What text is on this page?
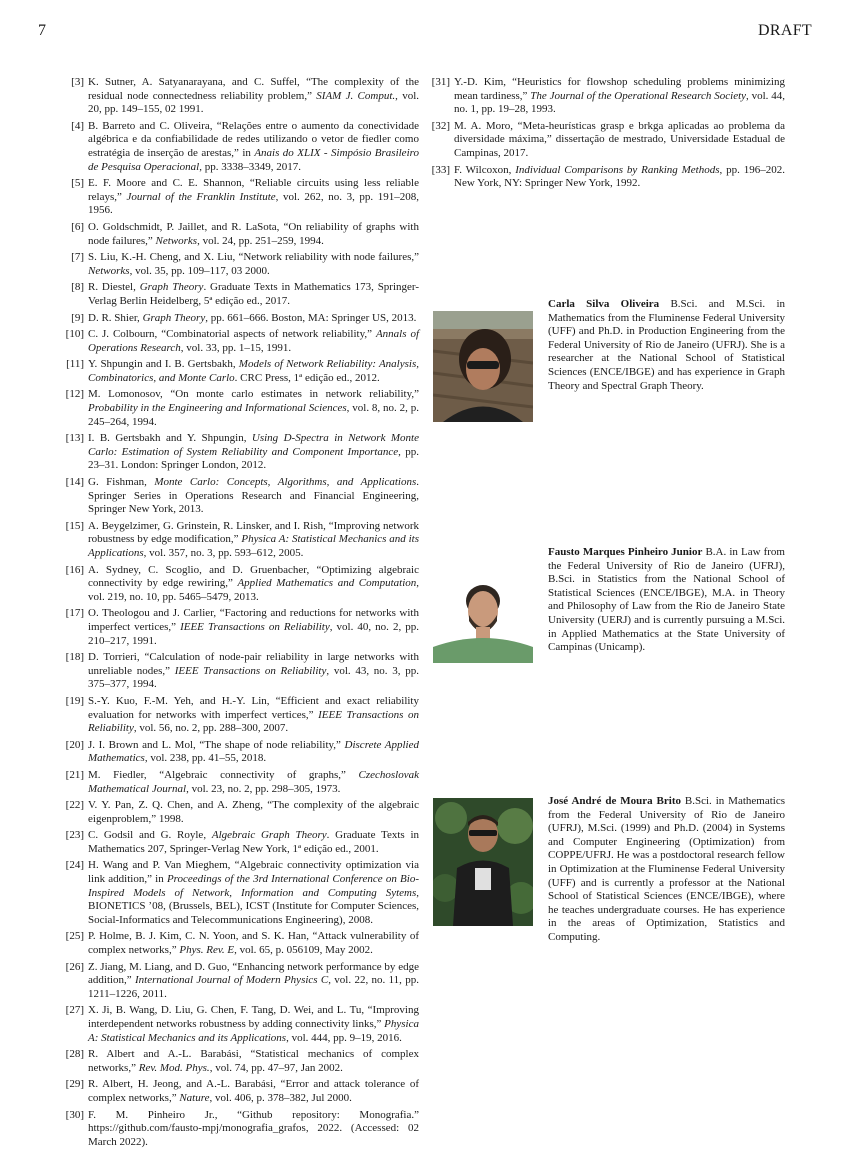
7	DRAFT
[ 3 ] K. Sutner, A. Satyanarayana, and C. Suffel, “The complexity of the residual node connectedness reliability problem,” SIAM J. Comput., vol. 20, pp. 149–155, 02 1991.
[ 4 ] B. Barreto and C. Oliveira, “Relações entre o aumento da conectividade algébrica e da confiabilidade de redes utilizando o vetor de fiedler como estratégia de inserção de arestas,” in Anais do XLIX - Simpósio Brasileiro de Pesquisa Operacional, pp. 3338–3349, 2017.
[ 5 ] E. F. Moore and C. E. Shannon, “Reliable circuits using less reliable relays,” Journal of the Franklin Institute, vol. 262, no. 3, pp. 191–208, 1956.
[ 6 ] O. Goldschmidt, P. Jaillet, and R. LaSota, “On reliability of graphs with node failures,” Networks, vol. 24, pp. 251–259, 1994.
[ 7 ] S. Liu, K.-H. Cheng, and X. Liu, “Network reliability with node failures,” Networks, vol. 35, pp. 109–117, 03 2000.
[ 8 ] R. Diestel, Graph Theory. Graduate Texts in Mathematics 173, Springer-Verlag Berlin Heidelberg, 5ª edição ed., 2017.
[ 9 ] D. R. Shier, Graph Theory, pp. 661–666. Boston, MA: Springer US, 2013.
[ 10 ] C. J. Colbourn, “Combinatorial aspects of network reliability,” Annals of Operations Research, vol. 33, pp. 1–15, 1991.
[ 11 ] Y. Shpungin and I. B. Gertsbakh, Models of Network Reliability: Analysis, Combinatorics, and Monte Carlo. CRC Press, 1ª edição ed., 2012.
[ 12 ] M. Lomonosov, “On monte carlo estimates in network reliability,” Probability in the Engineering and Informational Sciences, vol. 8, no. 2, p. 245–264, 1994.
[ 13 ] I. B. Gertsbakh and Y. Shpungin, Using D-Spectra in Network Monte Carlo: Estimation of System Reliability and Component Importance, pp. 23–31. London: Springer London, 2012.
[ 14 ] G. Fishman, Monte Carlo: Concepts, Algorithms, and Applications. Springer Series in Operations Research and Financial Engineering, Springer New York, 2013.
[ 15 ] A. Beygelzimer, G. Grinstein, R. Linsker, and I. Rish, “Improving network robustness by edge modification,” Physica A: Statistical Mechanics and its Applications, vol. 357, no. 3, pp. 593–612, 2005.
[ 16 ] A. Sydney, C. Scoglio, and D. Gruenbacher, “Optimizing algebraic connectivity by edge rewiring,” Applied Mathematics and Computation, vol. 219, no. 10, pp. 5465–5479, 2013.
[ 17 ] O. Theologou and J. Carlier, “Factoring and reductions for networks with imperfect vertices,” IEEE Transactions on Reliability, vol. 40, no. 2, pp. 210–217, 1991.
[ 18 ] D. Torrieri, “Calculation of node-pair reliability in large networks with unreliable nodes,” IEEE Transactions on Reliability, vol. 43, no. 3, pp. 375–377, 1994.
[ 19 ] S.-Y. Kuo, F.-M. Yeh, and H.-Y. Lin, “Efficient and exact reliability evaluation for networks with imperfect vertices,” IEEE Transactions on Reliability, vol. 56, no. 2, pp. 288–300, 2007.
[ 20 ] J. I. Brown and L. Mol, “The shape of node reliability,” Discrete Applied Mathematics, vol. 238, pp. 41–55, 2018.
[ 21 ] M. Fiedler, “Algebraic connectivity of graphs,” Czechoslovak Mathematical Journal, vol. 23, no. 2, pp. 298–305, 1973.
[ 22 ] V. Y. Pan, Z. Q. Chen, and A. Zheng, “The complexity of the algebraic eigenproblem,” 1998.
[ 23 ] C. Godsil and G. Royle, Algebraic Graph Theory. Graduate Texts in Mathematics 207, Springer-Verlag New York, 1ª edição ed., 2001.
[ 24 ] H. Wang and P. Van Mieghem, “Algebraic connectivity optimization via link addition,” in Proceedings of the 3rd International Conference on Bio-Inspired Models of Network, Information and Computing Sytems, BIONETICS ’08, (Brussels, BEL), ICST (Institute for Computer Sciences, Social-Informatics and Telecommunications Engineering), 2008.
[ 25 ] P. Holme, B. J. Kim, C. N. Yoon, and S. K. Han, “Attack vulnerability of complex networks,” Phys. Rev. E, vol. 65, p. 056109, May 2002.
[ 26 ] Z. Jiang, M. Liang, and D. Guo, “Enhancing network performance by edge addition,” International Journal of Modern Physics C, vol. 22, no. 11, pp. 1211–1226, 2011.
[ 27 ] X. Ji, B. Wang, D. Liu, G. Chen, F. Tang, D. Wei, and L. Tu, “Improving interdependent networks robustness by adding connectivity links,” Physica A: Statistical Mechanics and its Applications, vol. 444, pp. 9–19, 2016.
[ 28 ] R. Albert and A.-L. Barabási, “Statistical mechanics of complex networks,” Rev. Mod. Phys., vol. 74, pp. 47–97, Jan 2002.
[ 29 ] R. Albert, H. Jeong, and A.-L. Barabási, “Error and attack tolerance of complex networks,” Nature, vol. 406, p. 378–382, Jul 2000.
[ 30 ] F. M. Pinheiro Jr., “Github repository: Monografia.” https://github.com/fausto-mpj/monografia_grafos, 2022. (Accessed: 02 March 2022).
[ 31 ] Y.-D. Kim, “Heuristics for flowshop scheduling problems minimizing mean tardiness,” The Journal of the Operational Research Society, vol. 44, no. 1, pp. 19–28, 1993.
[ 32 ] M. A. Moro, “Meta-heurísticas grasp e brkga aplicadas ao problema da diversidade máxima,” dissertação de mestrado, Universidade Estadual de Campinas, 2017.
[ 33 ] F. Wilcoxon, Individual Comparisons by Ranking Methods, pp. 196–202. New York, NY: Springer New York, 1992.
Carla Silva Oliveira B.Sci. and M.Sci. in Mathematics from the Fluminense Federal University (UFF) and Ph.D. in Production Engineering from the Federal University of Rio de Janeiro (UFRJ). She is a researcher at the National School of Statistical Sciences (ENCE/IBGE) and has experience in Graph Theory and Spectral Graph Theory.
Fausto Marques Pinheiro Junior B.A. in Law from the Federal University of Rio de Janeiro (UFRJ), B.Sci. in Statistics from the National School of Statistical Sciences (ENCE/IBGE), M.A. in Theory and Philosophy of Law from the Rio de Janeiro State University (UERJ) and is currently pursuing a M.Sci. in Applied Mathematics at the State University of Campinas (Unicamp).
José André de Moura Brito B.Sci. in Mathematics from the Federal University of Rio de Janeiro (UFRJ), M.Sci. (1999) and Ph.D. (2004) in Systems and Computer Engineering (Optimization) from COPPE/UFRJ. He was a postdoctoral research fellow in Optimization at the Fluminense Federal University (UFF) and is currently a professor at the National School of Statistical Sciences (ENCE/IBGE), where he teaches undergraduate courses. He has experience in the areas of Optimization, Statistics and Computing.
